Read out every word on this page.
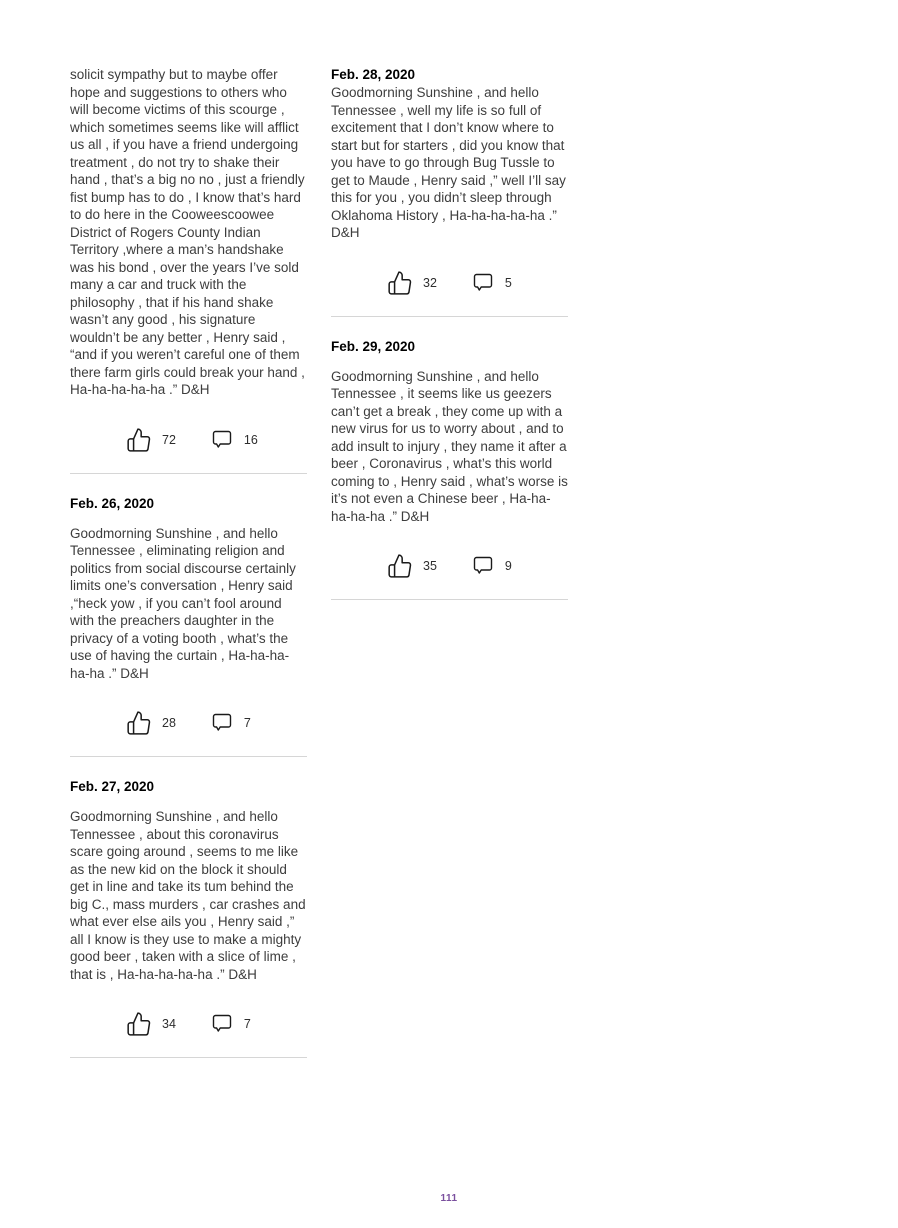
solicit sympathy but to maybe offer hope and suggestions to others who will become victims of this scourge , which sometimes seems like will afflict us all , if you have a friend undergoing treatment , do not try to shake their hand , that’s a big no no , just a friendly fist bump has to do , I know that’s hard to do here in the Cooweescoowee District of Rogers County Indian Territory ,where a man’s handshake was his bond , over the years I’ve sold many a car and truck with the philosophy , that if his hand shake wasn’t any good , his signature wouldn’t be any better , Henry said , “and if you weren’t careful one of them there farm girls could break your hand , Ha-ha-ha-ha-ha .” D&H

72	16
Feb. 26, 2020

Goodmorning Sunshine , and hello Tennessee , eliminating religion and politics from social discourse certainly limits one’s conversation , Henry said ,“heck yow , if you can’t fool around with the preachers daughter in the privacy of a voting booth , what’s the use of having the curtain , Ha-ha-ha-ha-ha .” D&H

28	7
Feb. 27, 2020

Goodmorning Sunshine , and hello Tennessee , about this coronavirus scare going around , seems to me like as the new kid on the block it should get in line and take its tum behind the big C., mass murders , car crashes and what ever else ails you , Henry said ,” all I know is they use to make a mighty good beer , taken with a slice of lime , that is , Ha-ha-ha-ha-ha .” D&H

34	7
Feb. 28, 2020

Goodmorning Sunshine , and hello Tennessee , well my life is so full of excitement that I don’t know where to start but for starters , did you know that you have to go through Bug Tussle to get to Maude , Henry said ,” well I’ll say this for you , you didn’t sleep through Oklahoma History , Ha-ha-ha-ha-ha .” D&H

32	5
Feb. 29, 2020

Goodmorning Sunshine , and hello Tennessee , it seems like us geezers can’t get a break , they come up with a new virus for us to worry about , and to add insult to injury , they name it after a beer , Coronavirus , what’s this world coming to , Henry said , what’s worse is it’s not even a Chinese beer , Ha-ha-ha-ha-ha .” D&H

35	9
111
